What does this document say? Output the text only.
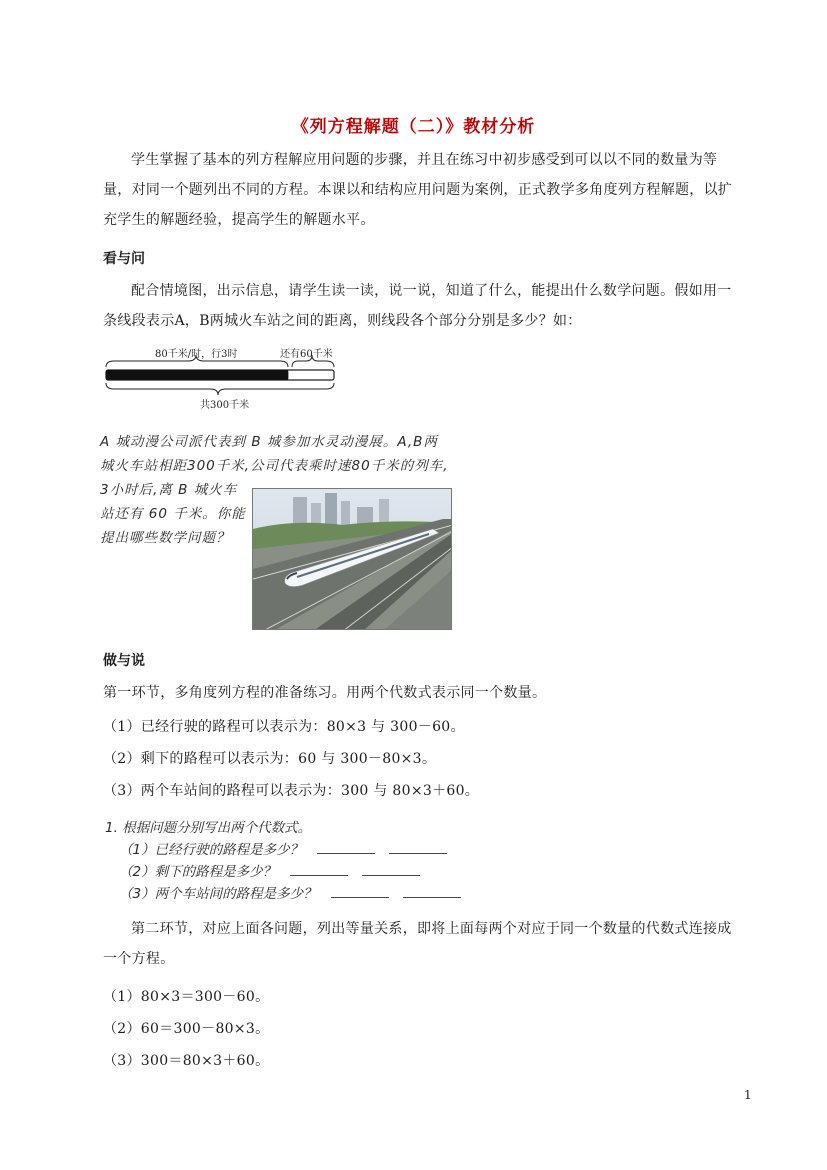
《列方程解题（二）》教材分析
学生掌握了基本的列方程解应用问题的步骤，并且在练习中初步感受到可以以不同的数量为等量，对同一个题列出不同的方程。本课以和结构应用问题为案例，正式教学多角度列方程解题，以扩充学生的解题经验，提高学生的解题水平。
看与问
配合情境图，出示信息，请学生读一读，说一说，知道了什么，能提出什么数学问题。假如用一条线段表示A，B两城火车站之间的距离，则线段各个部分分别是多少？如：
80千米/时，行3时	还有60千米
共300千米
A 城动漫公司派代表到 B 城参加水灵动漫展。A,B两
城火车站相距300千米,公司代表乘时速80千米的列车,
3小时后,离 B 城火车
站还有 60 千米。你能
提出哪些数学问题？
做与说
第一环节，多角度列方程的准备练习。用两个代数式表示同一个数量。
（1）已经行驶的路程可以表示为：80×3 与 300－60。
（2）剩下的路程可以表示为：60 与 300－80×3。
（3）两个车站间的路程可以表示为：300 与 80×3＋60。
1. 根据问题分别写出两个代数式。
（1）已经行驶的路程是多少？
（2）剩下的路程是多少？
（3）两个车站间的路程是多少？
第二环节，对应上面各问题，列出等量关系，即将上面每两个对应于同一个数量的代数式连接成一个方程。
（1）80×3＝300－60。
（2）60＝300－80×3。
（3）300＝80×3＋60。
1
